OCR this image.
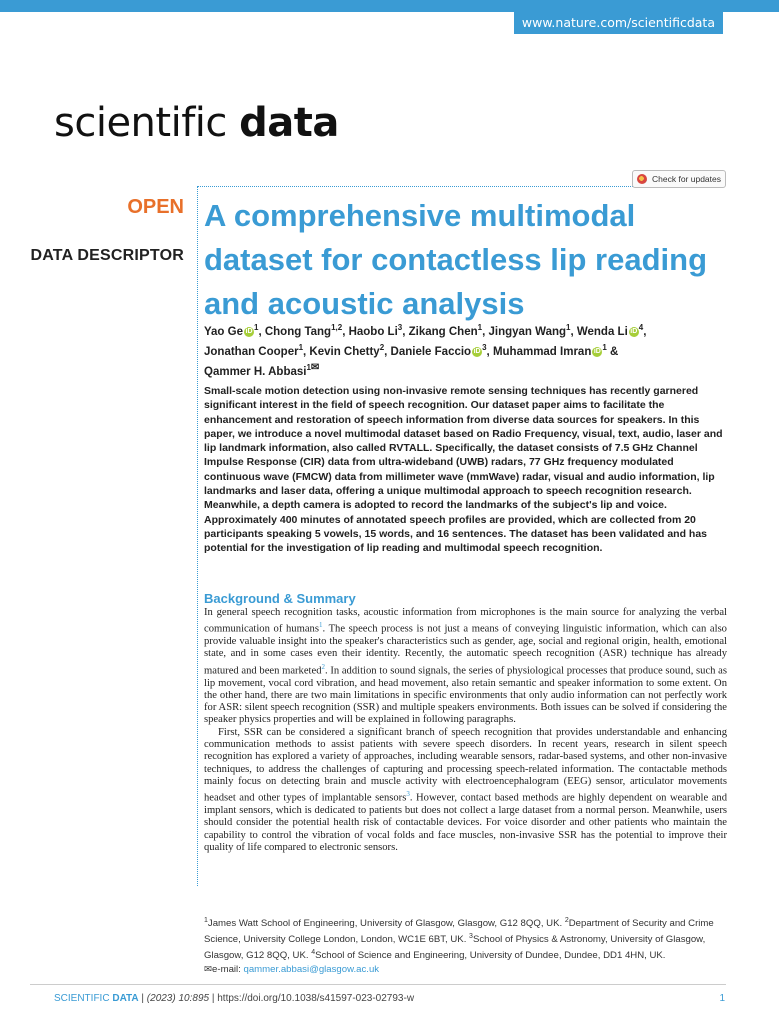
www.nature.com/scientificdata
scientific data
Check for updates
OPEN
DATA DESCRIPTOR
A comprehensive multimodal dataset for contactless lip reading and acoustic analysis

Yao Ge iD $^1$, Chong Tang$^{1,2}$, Haobo Li$^3$, Zikang Chen$^1$, Jingyan Wang$^1$, Wenda Li iD $^4$,
Jonathan Cooper$^1$, Kevin Chetty$^2$, Daniele Faccio iD $^3$, Muhammad Imran iD $^1$ &
Qammer H. Abbasi$^1$✉

Small-scale motion detection using non-invasive remote sensing techniques has recently garnered significant interest in the field of speech recognition. Our dataset paper aims to facilitate the enhancement and restoration of speech information from diverse data sources for speakers. In this paper, we introduce a novel multimodal dataset based on Radio Frequency, visual, text, audio, laser and lip landmark information, also called RVTALL. Specifically, the dataset consists of 7.5 GHz Channel Impulse Response (CIR) data from ultra-wideband (UWB) radars, 77 GHz frequency modulated continuous wave (FMCW) data from millimeter wave (mmWave) radar, visual and audio information, lip landmarks and laser data, offering a unique multimodal approach to speech recognition research. Meanwhile, a depth camera is adopted to record the landmarks of the subject's lip and voice. Approximately 400 minutes of annotated speech profiles are provided, which are collected from 20 participants speaking 5 vowels, 15 words, and 16 sentences. The dataset has been validated and has potential for the investigation of lip reading and multimodal speech recognition.

Background & Summary

In general speech recognition tasks, acoustic information from microphones is the main source for analyzing the verbal communication of humans$^1$. The speech process is not just a means of conveying linguistic information, which can also provide valuable insight into the speaker's characteristics such as gender, age, social and regional origin, health, emotional state, and in some cases even their identity. Recently, the automatic speech recognition (ASR) technique has already matured and been marketed$^2$. In addition to sound signals, the series of physiological processes that produce sound, such as lip movement, vocal cord vibration, and head movement, also retain semantic and speaker information to some extent. On the other hand, there are two main limitations in specific environments that only audio information can not perfectly work for ASR: silent speech recognition (SSR) and multiple speakers environments. Both issues can be solved if considering the speaker physics properties and will be explained in following paragraphs.

First, SSR can be considered a significant branch of speech recognition that provides understandable and enhancing communication methods to assist patients with severe speech disorders. In recent years, research in silent speech recognition has explored a variety of approaches, including wearable sensors, radar-based systems, and other non-invasive techniques, to address the challenges of capturing and processing speech-related information. The contactable methods mainly focus on detecting brain and muscle activity with electroencephalogram (EEG) sensor, articulator movements headset and other types of implantable sensors$^3$. However, contact based methods are highly dependent on wearable and implant sensors, which is dedicated to patients but does not collect a large dataset from a normal person. Meanwhile, users should consider the potential health risk of contactable devices. For voice disorder and other patients who maintain the capability to control the vibration of vocal folds and face muscles, non-invasive SSR has the potential to improve their quality of life compared to electronic sensors.

$^1$James Watt School of Engineering, University of Glasgow, Glasgow, G12 8QQ, UK. $^2$Department of Security and Crime Science, University College London, London, WC1E 6BT, UK. $^3$School of Physics & Astronomy, University of Glasgow, Glasgow, G12 8QQ, UK. $^4$School of Science and Engineering, University of Dundee, Dundee, DD1 4HN, UK.
✉e-mail: qammer.abbasi@glasgow.ac.uk

SCIENTIFIC DATA | (2023) 10:895 | https://doi.org/10.1038/s41597-023-02793-w	1
